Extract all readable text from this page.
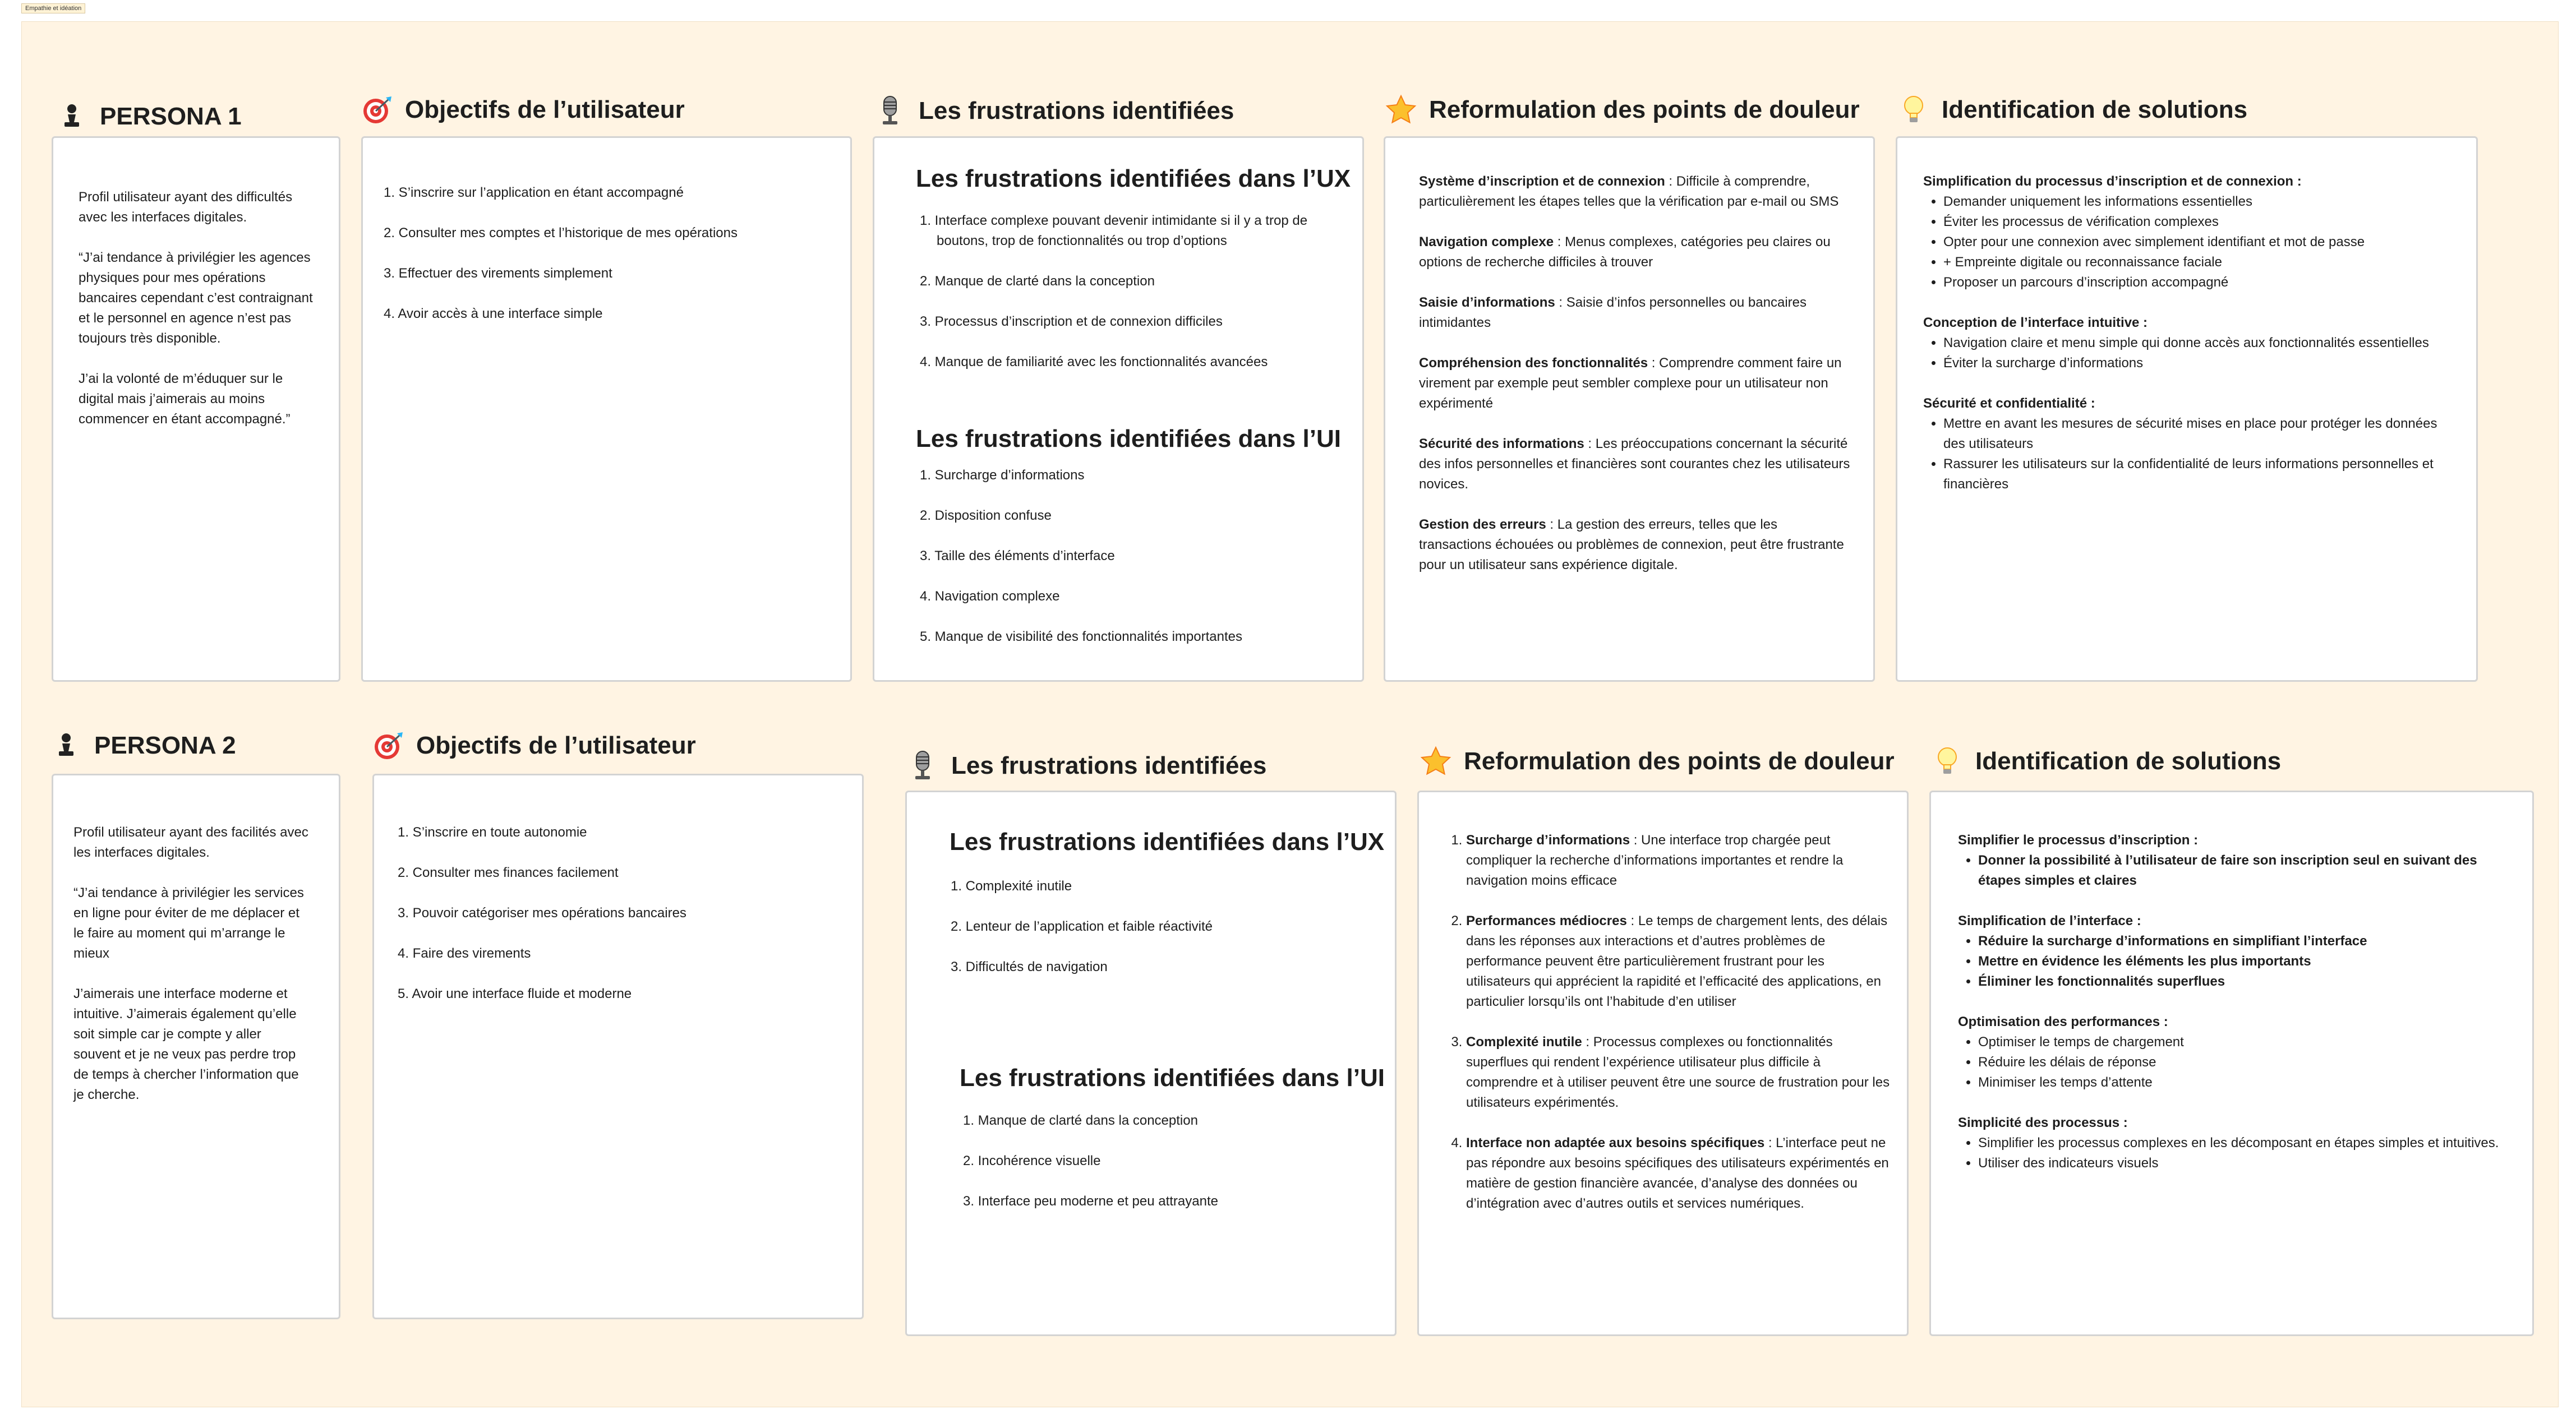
Empathie et idéation
PERSONA 1

Profil utilisateur ayant des difficultés avec les interfaces digitales.

“J’ai tendance à privilégier les agences physiques pour mes opérations bancaires cependant c’est contraignant et le personnel en agence n’est pas toujours très disponible.

J’ai la volonté de m’éduquer sur le digital mais j’aimerais au moins commencer en étant accompagné.”

Objectifs de l’utilisateur
1. S’inscrire sur l’application en étant accompagné
2. Consulter mes comptes et l’historique de mes opérations
3. Effectuer des virements simplement
4. Avoir accès à une interface simple
Les frustrations identifiées
Les frustrations identifiées dans l’UX
1. Interface complexe pouvant devenir intimidante si il y a trop de boutons, trop de fonctionnalités ou trop d’options
2. Manque de clarté dans la conception
3. Processus d’inscription et de connexion difficiles
4. Manque de familiarité avec les fonctionnalités avancées
Les frustrations identifiées dans l’UI
1. Surcharge d’informations
2. Disposition confuse
3. Taille des éléments d’interface
4. Navigation complexe
5. Manque de visibilité des fonctionnalités importantes
Reformulation des points de douleur

Système d’inscription et de connexion : Difficile à comprendre, particulièrement les étapes telles que la vérification par e-mail ou SMS

Navigation complexe : Menus complexes, catégories peu claires ou options de recherche difficiles à trouver

Saisie d’informations : Saisie d’infos personnelles ou bancaires intimidantes

Compréhension des fonctionnalités : Comprendre comment faire un virement par exemple peut sembler complexe pour un utilisateur non expérimenté

Sécurité des informations : Les préoccupations concernant la sécurité des infos personnelles et financières sont courantes chez les utilisateurs novices.

Gestion des erreurs : La gestion des erreurs, telles que les transactions échouées ou problèmes de connexion, peut être frustrante pour un utilisateur sans expérience digitale.

Identification de solutions
Simplification du processus d’inscription et de connexion :
• Demander uniquement les informations essentielles
• Éviter les processus de vérification complexes
• Opter pour une connexion avec simplement identifiant et mot de passe
• + Empreinte digitale ou reconnaissance faciale
• Proposer un parcours d’inscription accompagné
Conception de l’interface intuitive :
• Navigation claire et menu simple qui donne accès aux fonctionnalités essentielles
• Éviter la surcharge d’informations
Sécurité et confidentialité :
• Mettre en avant les mesures de sécurité mises en place pour protéger les données des utilisateurs
• Rassurer les utilisateurs sur la confidentialité de leurs informations personnelles et financières
PERSONA 2

Profil utilisateur ayant des facilités avec les interfaces digitales.

“J’ai tendance à privilégier les services en ligne pour éviter de me déplacer et le faire au moment qui m’arrange le mieux

J’aimerais une interface moderne et intuitive. J’aimerais également qu’elle soit simple car je compte y aller souvent et je ne veux pas perdre trop de temps à chercher l’information que je cherche.

Objectifs de l’utilisateur
1. S’inscrire en toute autonomie
2. Consulter mes finances facilement
3. Pouvoir catégoriser mes opérations bancaires
4. Faire des virements
5. Avoir une interface fluide et moderne
Les frustrations identifiées
Les frustrations identifiées dans l’UX
1. Complexité inutile
2. Lenteur de l’application et faible réactivité
3. Difficultés de navigation
Les frustrations identifiées dans l’UI
1. Manque de clarté dans la conception
2. Incohérence visuelle
3. Interface peu moderne et peu attrayante
Reformulation des points de douleur
1. Surcharge d’informations : Une interface trop chargée peut compliquer la recherche d’informations importantes et rendre la navigation moins efficace
2. Performances médiocres : Le temps de chargement lents, des délais dans les réponses aux interactions et d’autres problèmes de performance peuvent être particulièrement frustrant pour les utilisateurs qui apprécient la rapidité et l’efficacité des applications, en particulier lorsqu’ils ont l’habitude d’en utiliser
3. Complexité inutile : Processus complexes ou fonctionnalités superflues qui rendent l’expérience utilisateur plus difficile à comprendre et à utiliser peuvent être une source de frustration pour les utilisateurs expérimentés.
4. Interface non adaptée aux besoins spécifiques : L’interface peut ne pas répondre aux besoins spécifiques des utilisateurs expérimentés en matière de gestion financière avancée, d’analyse des données ou d’intégration avec d’autres outils et services numériques.
Identification de solutions
Simplifier le processus d’inscription :
• Donner la possibilité à l’utilisateur de faire son inscription seul en suivant des étapes simples et claires
Simplification de l’interface :
• Réduire la surcharge d’informations en simplifiant l’interface
• Mettre en évidence les éléments les plus importants
• Éliminer les fonctionnalités superflues
Optimisation des performances :
• Optimiser le temps de chargement
• Réduire les délais de réponse
• Minimiser les temps d’attente
Simplicité des processus :
• Simplifier les processus complexes en les décomposant en étapes simples et intuitives.
• Utiliser des indicateurs visuels
